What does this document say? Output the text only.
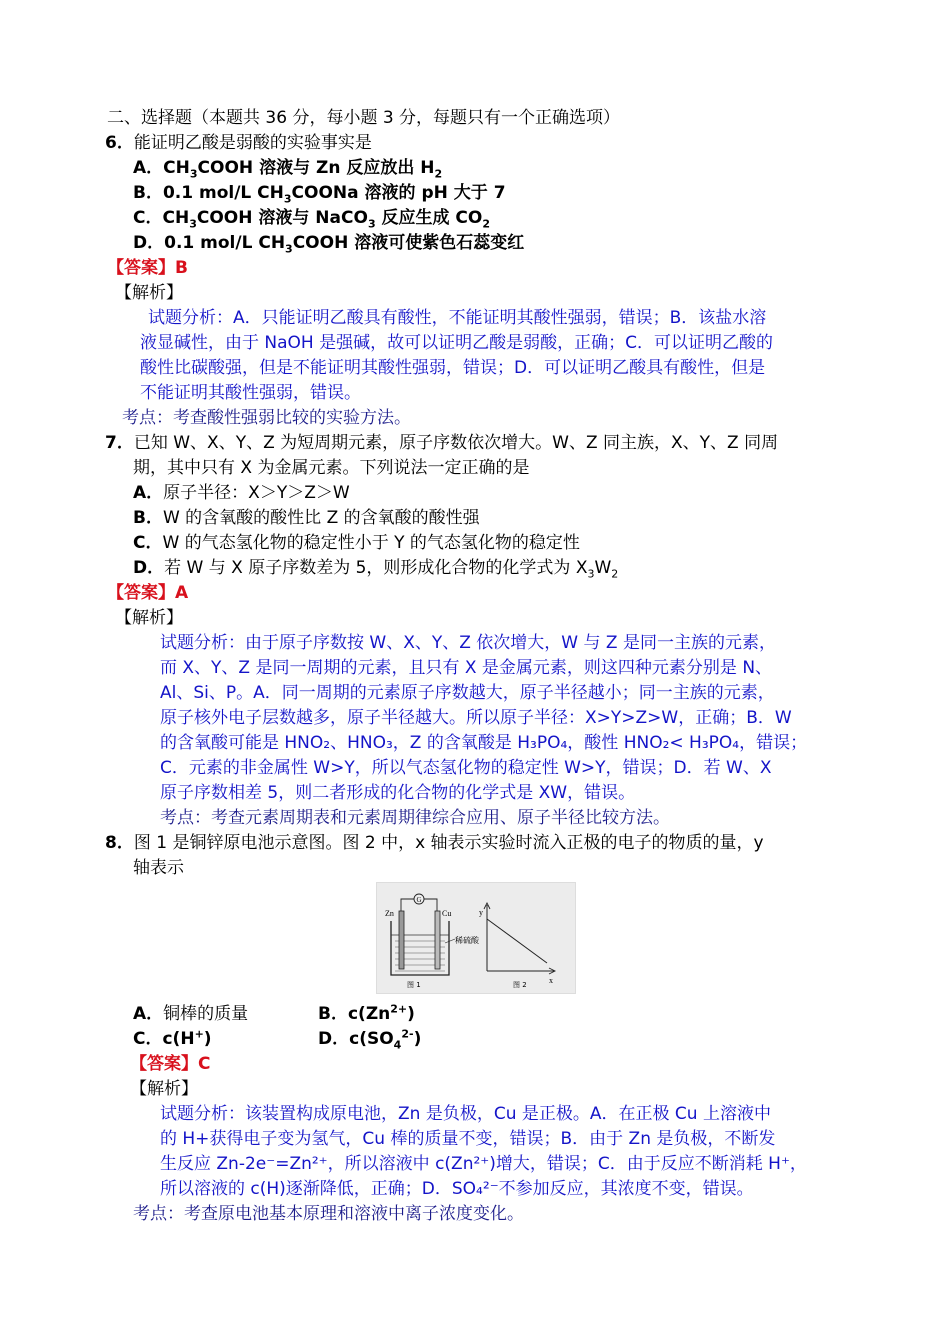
二、选择题（本题共 36 分，每小题 3 分，每题只有一个正确选项）
6．能证明乙酸是弱酸的实验事实是
A．$CH_3COOH$ 溶液与 Zn 反应放出 $H_2$
B．0.1 mol/L $CH_3COONa$ 溶液的 pH 大于 7
C．$CH_3COOH$ 溶液与 NaCO$_3$ 反应生成 $CO_2$
D．0.1 mol/L $CH_3COOH$ 溶液可使紫色石蕊变红
【答案】B
【解析】
试题分析：A．只能证明乙酸具有酸性，不能证明其酸性强弱，错误；B．该盐水溶
液显碱性，由于 NaOH 是强碱，故可以证明乙酸是弱酸，正确；C．可以证明乙酸的
酸性比碳酸强，但是不能证明其酸性强弱，错误；D．可以证明乙酸具有酸性，但是
不能证明其酸性强弱，错误。
考点：考查酸性强弱比较的实验方法。
7．已知 W、X、Y、Z 为短周期元素，原子序数依次增大。W、Z 同主族，X、Y、Z 同周
期，其中只有 X 为金属元素。下列说法一定正确的是
A．原子半径：X＞Y＞Z＞W
B．W 的含氧酸的酸性比 Z 的含氧酸的酸性强
C．W 的气态氢化物的稳定性小于 Y 的气态氢化物的稳定性
D．若 W 与 X 原子序数差为 5，则形成化合物的化学式为 $X_3W_2$
【答案】A
【解析】
试题分析：由于原子序数按 W、X、Y、Z 依次增大，W 与 Z 是同一主族的元素，
而 X、Y、Z 是同一周期的元素，且只有 X 是金属元素，则这四种元素分别是 N、
Al、Si、P。A．同一周期的元素原子序数越大，原子半径越小；同一主族的元素，
原子核外电子层数越多，原子半径越大。所以原子半径：X>Y>Z>W，正确；B．W
的含氧酸可能是 HNO₂、HNO₃，Z 的含氧酸是 H₃PO₄，酸性 HNO₂< H₃PO₄，错误；
C．元素的非金属性 W>Y，所以气态氢化物的稳定性 W>Y，错误；D．若 W、X
原子序数相差 5，则二者形成的化合物的化学式是 XW，错误。
考点：考查元素周期表和元素周期律综合应用、原子半径比较方法。
8．图 1 是铜锌原电池示意图。图 2 中，x 轴表示实验时流入正极的电子的物质的量，y
轴表示
G
Zn	Cu
稀硫酸
图 1
y
x
图 2
A．铜棒的质量	B．$c(Zn^{2+})$
C．c(H+)	D．$c(SO_4^{2-})$
【答案】C
【解析】
试题分析：该装置构成原电池，Zn 是负极，Cu 是正极。A．在正极 Cu 上溶液中
的 H+获得电子变为氢气，Cu 棒的质量不变，错误；B．由于 Zn 是负极，不断发
生反应 Zn-2e⁻=Zn²⁺，所以溶液中 c(Zn²⁺)增大，错误；C．由于反应不断消耗 H⁺，
所以溶液的 c(H)逐渐降低，正确；D．SO₄²⁻不参加反应，其浓度不变，错误。
考点：考查原电池基本原理和溶液中离子浓度变化。
